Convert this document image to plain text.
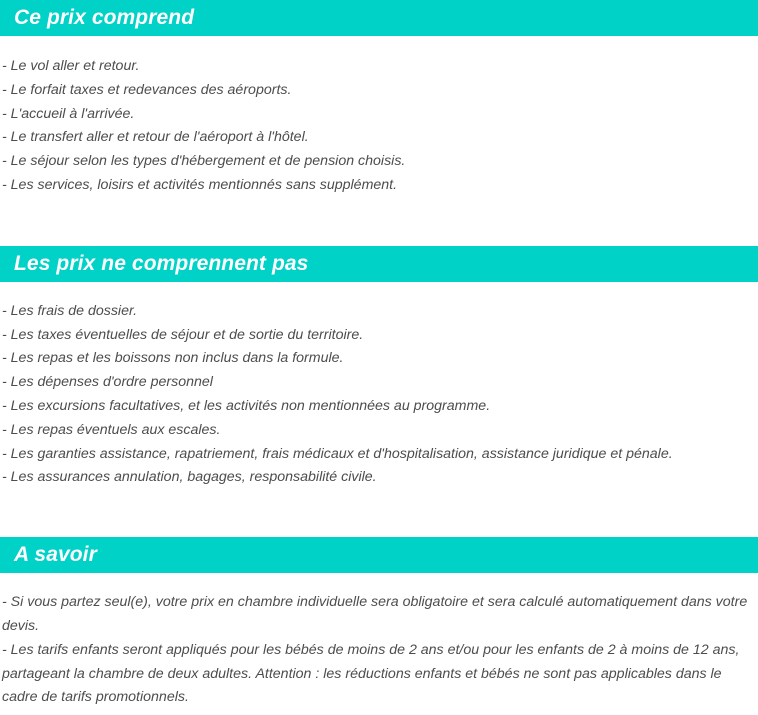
Ce prix comprend
- Le vol aller et retour.
- Le forfait taxes et redevances des aéroports.
- L'accueil à l'arrivée.
- Le transfert aller et retour de l'aéroport à l'hôtel.
- Le séjour selon les types d'hébergement et de pension choisis.
- Les services, loisirs et activités mentionnés sans supplément.
Les prix ne comprennent pas
- Les frais de dossier.
- Les taxes éventuelles de séjour et de sortie du territoire.
- Les repas et les boissons non inclus dans la formule.
- Les dépenses d'ordre personnel
- Les excursions facultatives, et les activités non mentionnées au programme.
- Les repas éventuels aux escales.
- Les garanties assistance, rapatriement, frais médicaux et d'hospitalisation, assistance juridique et pénale.
- Les assurances annulation, bagages, responsabilité civile.
A savoir
- Si vous partez seul(e), votre prix en chambre individuelle sera obligatoire et sera calculé automatiquement dans votre devis.
- Les tarifs enfants seront appliqués pour les bébés de moins de 2 ans et/ou pour les enfants de 2 à moins de 12 ans, partageant la chambre de deux adultes. Attention : les réductions enfants et bébés ne sont pas applicables dans le cadre de tarifs promotionnels.
